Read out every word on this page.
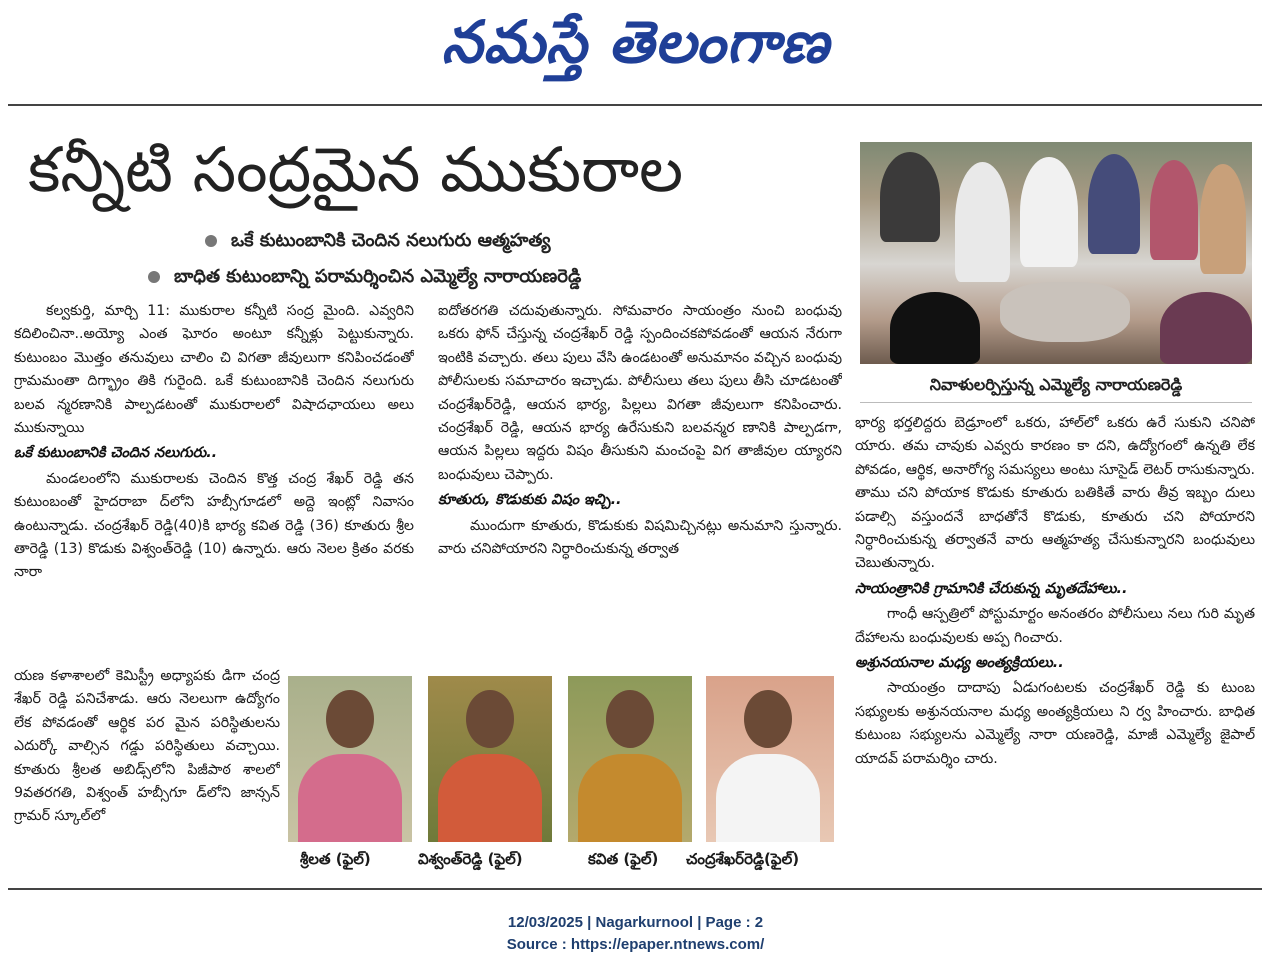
నమస్తే తెలంగాణ
కన్నీటి సంద్రమైన ముకురాల
ఒకే కుటుంబానికి చెందిన నలుగురు ఆత్మహత్య
బాధిత కుటుంబాన్ని పరామర్శించిన ఎమ్మెల్యే నారాయణరెడ్డి
నివాళులర్పిస్తున్న ఎమ్మెల్యే నారాయణరెడ్డి

కల్వకుర్తి, మార్చి 11: ముకురాల కన్నీటి సంద్ర మైంది. ఎవ్వరిని కదిలించినా..అయ్యో ఎంత ఘోరం అంటూ కన్నీళ్లు పెట్టుకున్నారు. కుటుంబం మొత్తం తనువులు చాలిం చి విగతా జీవులుగా కనిపించడంతో గ్రామమంతా దిగ్భ్రాం తికి గురైంది. ఒకే కుటుంబానికి చెందిన నలుగురు బలవ న్మరణానికి పాల్పడటంతో ముకురాలలో విషాదఛాయలు అలు ముకున్నాయి

ఒకే కుటుంబానికి చెందిన నలుగురు..

మండలంలోని ముకురాలకు చెందిన కొత్త చంద్ర శేఖర్ రెడ్డి తన కుటుంబంతో హైదరాబా ద్‌లోని హబ్సీగూడలో అద్దె ఇంట్లో నివాసం ఉంటున్నాడు. చంద్రశేఖర్ రెడ్డి(40)కి భార్య కవిత రెడ్డి (36) కూతురు శ్రీల తారెడ్డి (13) కొడుకు విశ్వంత్‌రెడ్డి (10) ఉన్నారు. ఆరు నెలల క్రితం వరకు నారా

యణ కళాశాలలో కెమిస్ట్రీ అధ్యాపకు డిగా చంద్ర శేఖర్ రెడ్డి పనిచేశాడు. ఆరు నెలలుగా ఉద్యోగం లేక పోవడంతో ఆర్థిక పర మైన పరిస్థితులను ఎదుర్కో వాల్సిన గడ్డు పరిస్థితులు వచ్చాయి. కూతురు శ్రీలత అబిడ్స్‌లోని పిజీపాఠ శాలలో 9వతరగతి, విశ్వంత్ హబ్సీగూ డ్‌లోని జాన్సన్ గ్రామర్ స్కూల్‌లో

ఐదోతరగతి చదువుతున్నారు. సోమవారం సాయంత్రం నుంచి బంధువు ఒకరు ఫోన్ చేస్తున్న చంద్రశేఖర్ రెడ్డి స్పందించకపోవడంతో ఆయన నేరుగా ఇంటికి వచ్చారు. తలు పులు వేసి ఉండటంతో అనుమానం వచ్చిన బంధువు పోలీసులకు సమాచారం ఇచ్చాడు. పోలీసులు తలు పులు తీసి చూడటంతో చంద్రశేఖర్‌రెడ్డి, ఆయన భార్య, పిల్లలు విగతా జీవులుగా కనిపించారు. చంద్రశేఖర్ రెడ్డి, ఆయన భార్య ఉరేసుకుని బలవన్మర ణానికి పాల్పడగా, ఆయన పిల్లలు ఇద్దరు విషం తీసుకుని మంచంపై విగ తాజీవుల య్యారని బంధువులు చెప్పారు.

కూతురు, కొడుకుకు విషం ఇచ్చి..

ముందుగా కూతురు, కొడుకుకు విషమిచ్చినట్లు అనుమాని స్తున్నారు. వారు చనిపోయారని నిర్ధారించుకున్న తర్వాత

భార్య భర్తలిద్దరు బెడ్రూంలో ఒకరు, హాల్‌లో ఒకరు ఉరే సుకుని చనిపో యారు. తమ చావుకు ఎవ్వరు కారణం కా దని, ఉద్యోగంలో ఉన్నతి లేక పోవడం, ఆర్థిక, అనారోగ్య సమస్యలు అంటు సూసైడ్ లెటర్ రాసుకున్నారు. తాము చని పోయాక కొడుకు కూతురు బతికితే వారు తీవ్ర ఇబ్బం దులు పడాల్సి వస్తుందనే బాధతోనే కొడుకు, కూతురు చని పోయారని నిర్ధారించుకున్న తర్వాతనే వారు ఆత్మహత్య చేసుకున్నారని బంధువులు చెబుతున్నారు.

సాయంత్రానికి గ్రామానికి చేరుకున్న మృతదేహాలు..

గాంధీ ఆస్పత్రిలో పోస్టుమార్టం అనంతరం పోలీసులు నలు గురి మృత దేహాలను బంధువులకు అప్ప గించారు.

అశ్రునయనాల మధ్య అంత్యక్రియలు..

సాయంత్రం దాదాపు ఏడుగంటలకు చంద్రశేఖర్ రెడ్డి కు టుంబ సభ్యులకు అశ్రునయనాల మధ్య అంత్యక్రియలు ని ర్వ హించారు. బాధిత కుటుంబ సభ్యులను ఎమ్మెల్యే నారా యణరెడ్డి, మాజీ ఎమ్మెల్యే జైపాల్ యాదవ్ పరామర్శిం చారు.

శ్రీలత (ఫైల్)	విశ్వంత్‌రెడ్డి (ఫైల్)	కవిత (ఫైల్) చంద్రశేఖర్‌రెడ్డి(ఫైల్)
12/03/2025 | Nagarkurnool | Page : 2
Source : https://epaper.ntnews.com/
